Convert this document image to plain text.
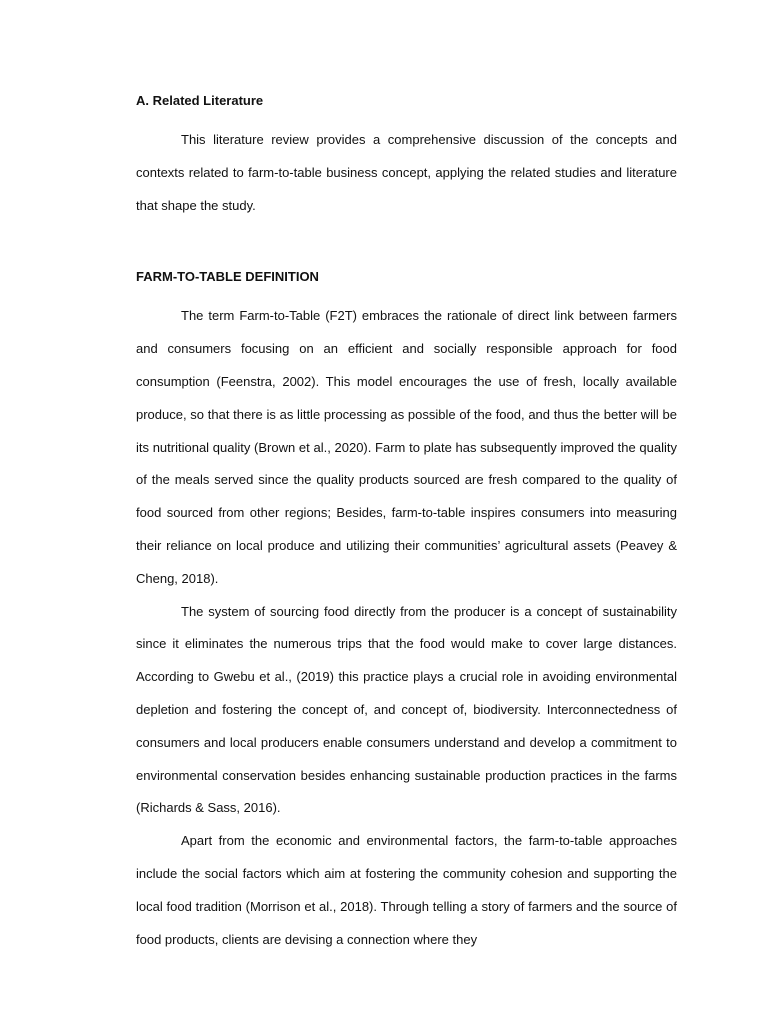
A. Related Literature

This literature review provides a comprehensive discussion of the concepts and contexts related to farm-to-table business concept, applying the related studies and literature that shape the study.

FARM-TO-TABLE DEFINITION

The term Farm-to-Table (F2T) embraces the rationale of direct link between farmers and consumers focusing on an efficient and socially responsible approach for food consumption (Feenstra, 2002). This model encourages the use of fresh, locally available produce, so that there is as little processing as possible of the food, and thus the better will be its nutritional quality (Brown et al., 2020). Farm to plate has subsequently improved the quality of the meals served since the quality products sourced are fresh compared to the quality of food sourced from other regions; Besides, farm-to-table inspires consumers into measuring their reliance on local produce and utilizing their communities’ agricultural assets (Peavey & Cheng, 2018).

The system of sourcing food directly from the producer is a concept of sustainability since it eliminates the numerous trips that the food would make to cover large distances. According to Gwebu et al., (2019) this practice plays a crucial role in avoiding environmental depletion and fostering the concept of, and concept of, biodiversity. Interconnectedness of consumers and local producers enable consumers understand and develop a commitment to environmental conservation besides enhancing sustainable production practices in the farms (Richards & Sass, 2016).

Apart from the economic and environmental factors, the farm-to-table approaches include the social factors which aim at fostering the community cohesion and supporting the local food tradition (Morrison et al., 2018). Through telling a story of farmers and the source of food products, clients are devising a connection where they
